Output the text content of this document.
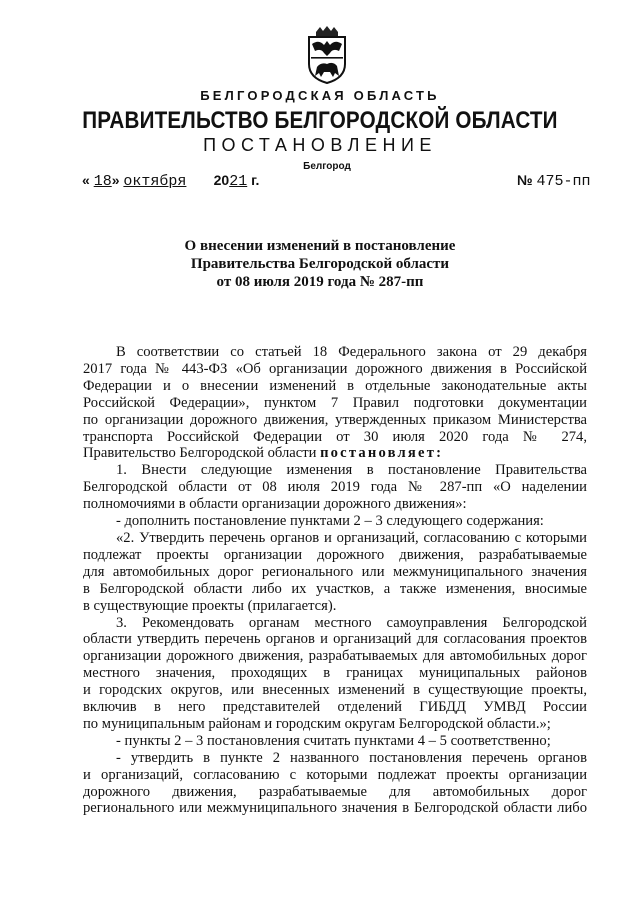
БЕЛГОРОДСКАЯ ОБЛАСТЬ
ПРАВИТЕЛЬСТВО БЕЛГОРОДСКОЙ ОБЛАСТИ
ПОСТАНОВЛЕНИЕ
Белгород
« 18» октября 2021 г.	№ 475-пп
О внесении изменений в постановление
Правительства Белгородской области
от 08 июля 2019 года № 287-пп

В соответствии со статьей 18 Федерального закона от 29 декабря

2017 года № 443-ФЗ «Об организации дорожного движения в Российской

Федерации и о внесении изменений в отдельные законодательные акты

Российской Федерации», пунктом 7 Правил подготовки документации

по организации дорожного движения, утвержденных приказом Министерства

транспорта Российской Федерации от 30 июля 2020 года № 274,

Правительство Белгородской области постановляет:

1. Внести следующие изменения в постановление Правительства

Белгородской области от 08 июля 2019 года № 287-пп «О наделении

полномочиями в области организации дорожного движения»:

- дополнить постановление пунктами 2 – 3 следующего содержания:

«2. Утвердить перечень органов и организаций, согласованию с которыми

подлежат проекты организации дорожного движения, разрабатываемые

для автомобильных дорог регионального или межмуниципального значения

в Белгородской области либо их участков, а также изменения, вносимые

в существующие проекты (прилагается).

3. Рекомендовать органам местного самоуправления Белгородской

области утвердить перечень органов и организаций для согласования проектов

организации дорожного движения, разрабатываемых для автомобильных дорог

местного значения, проходящих в границах муниципальных районов

и городских округов, или внесенных изменений в существующие проекты,

включив в него представителей отделений ГИБДД УМВД России

по муниципальным районам и городским округам Белгородской области.»;

- пункты 2 – 3 постановления считать пунктами 4 – 5 соответственно;

- утвердить в пункте 2 названного постановления перечень органов

и организаций, согласованию с которыми подлежат проекты организации

дорожного движения, разрабатываемые для автомобильных дорог

регионального или межмуниципального значения в Белгородской области либо
